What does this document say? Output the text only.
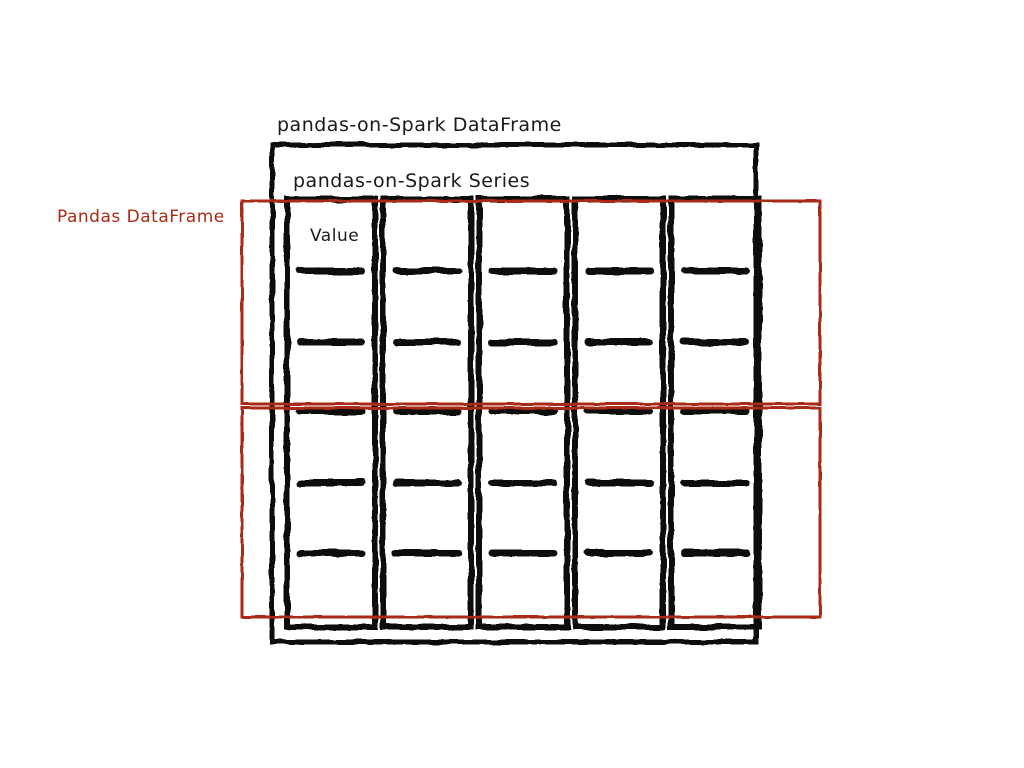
pandas-on-Spark DataFrame
pandas-on-Spark Series
Value
Pandas DataFrame
